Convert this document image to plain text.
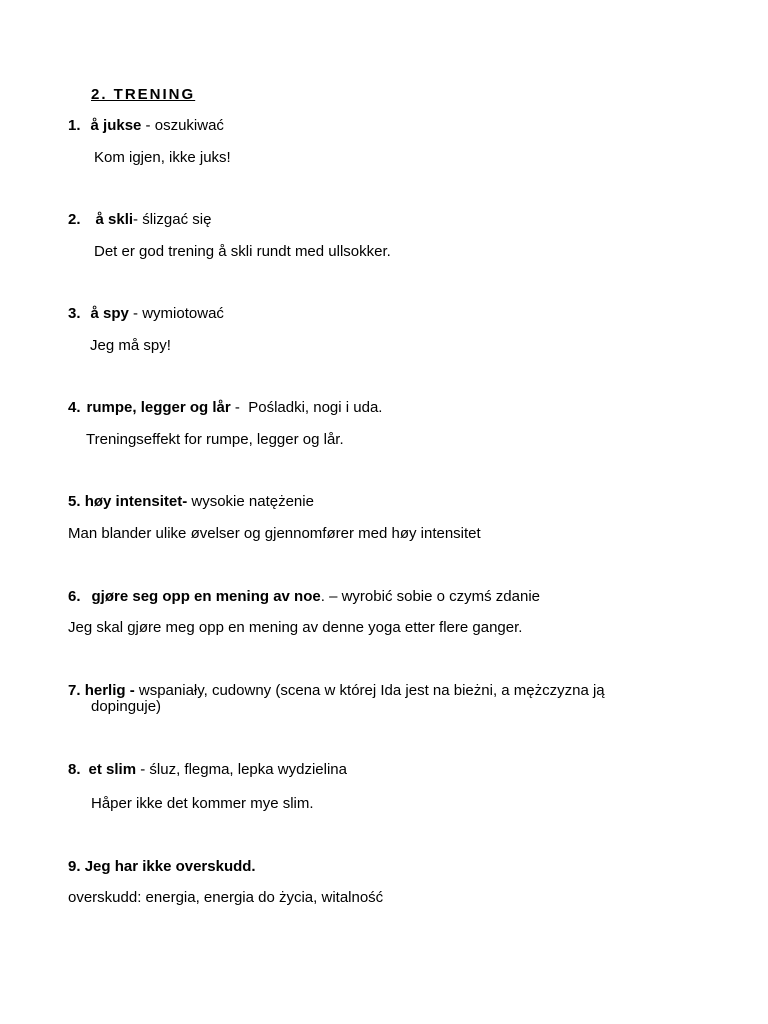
2. TRENING
1. å jukse - oszukiwać
Kom igjen, ikke juks!
2. å skli- ślizgać się
Det er god trening å skli rundt med ullsokker.
3. å spy - wymiotować
Jeg må spy!
4. rumpe, legger og lår -  Pośladki, nogi i uda.
Treningseffekt for rumpe, legger og lår.
5. høy intensitet- wysokie natężenie
Man blander ulike øvelser og gjennomfører med høy intensitet
6. gjøre seg opp en mening av noe. – wyrobić sobie o czymś zdanie
Jeg skal gjøre meg opp en mening av denne yoga etter flere ganger.
7. herlig - wspaniały, cudowny (scena w której Ida jest na bieżni, a mężczyzna ją
dopinguje)
8. et slim - śluz, flegma, lepka wydzielina
Håper ikke det kommer mye slim.
9. Jeg har ikke overskudd.
overskudd: energia, energia do życia, witalność
